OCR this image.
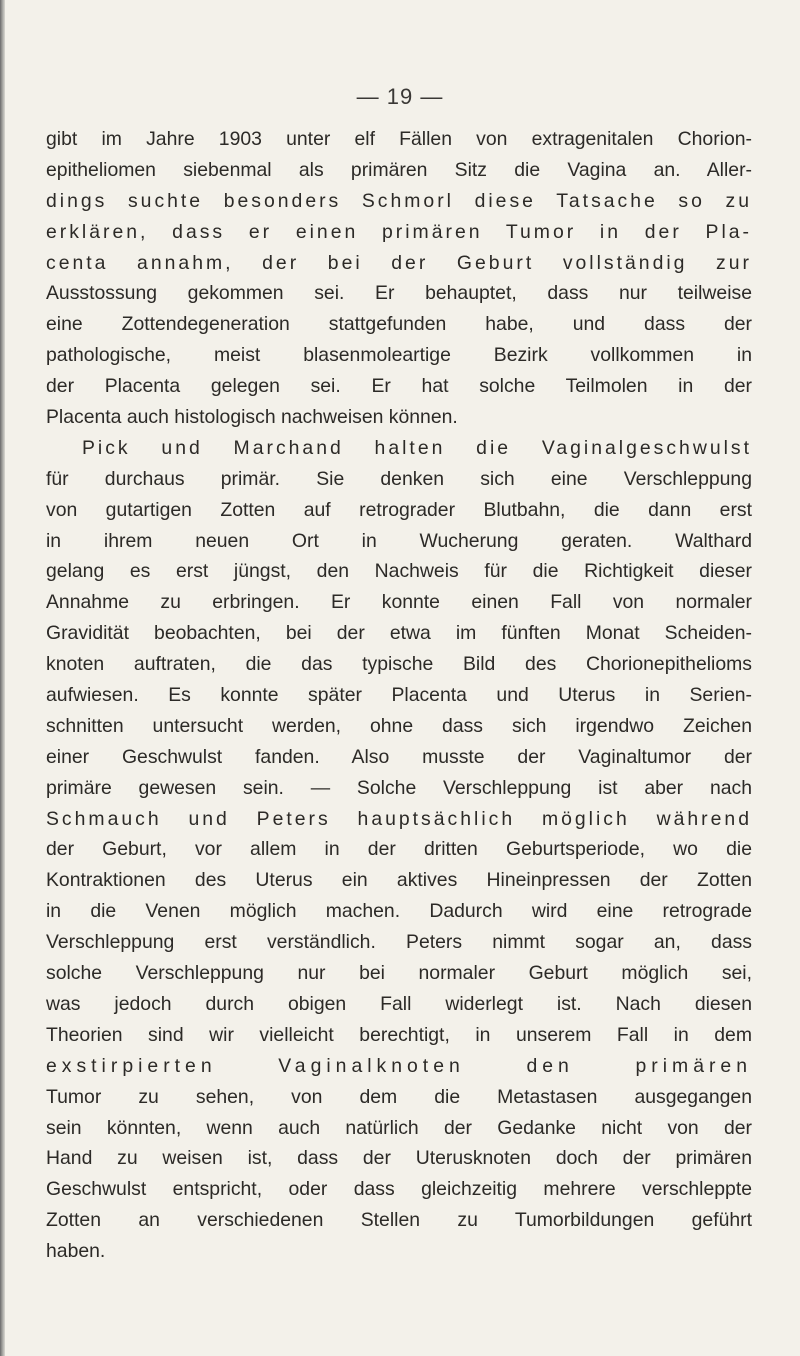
— 19 —
gibt im Jahre 1903 unter elf Fällen von extragenitalen Chorion-
epitheliomen siebenmal als primären Sitz die Vagina an. Aller-
dings suchte besonders Schmorl diese Tatsache so zu
erklären, dass er einen primären Tumor in der Pla-
centa annahm, der bei der Geburt vollständig zur
Ausstossung gekommen sei. Er behauptet, dass nur teilweise
eine Zottendegeneration stattgefunden habe, und dass der
pathologische, meist blasenmoleartige Bezirk vollkommen in
der Placenta gelegen sei. Er hat solche Teilmolen in der
Placenta auch histologisch nachweisen können.
Pick und Marchand halten die Vaginalgeschwulst
für durchaus primär. Sie denken sich eine Verschleppung
von gutartigen Zotten auf retrograder Blutbahn, die dann erst
in ihrem neuen Ort in Wucherung geraten. Walthard
gelang es erst jüngst, den Nachweis für die Richtigkeit dieser
Annahme zu erbringen. Er konnte einen Fall von normaler
Gravidität beobachten, bei der etwa im fünften Monat Scheiden-
knoten auftraten, die das typische Bild des Chorionepithelioms
aufwiesen. Es konnte später Placenta und Uterus in Serien-
schnitten untersucht werden, ohne dass sich irgendwo Zeichen
einer Geschwulst fanden. Also musste der Vaginaltumor der
primäre gewesen sein. — Solche Verschleppung ist aber nach
Schmauch und Peters hauptsächlich möglich während
der Geburt, vor allem in der dritten Geburtsperiode, wo die
Kontraktionen des Uterus ein aktives Hineinpressen der Zotten
in die Venen möglich machen. Dadurch wird eine retrograde
Verschleppung erst verständlich. Peters nimmt sogar an, dass
solche Verschleppung nur bei normaler Geburt möglich sei,
was jedoch durch obigen Fall widerlegt ist. Nach diesen
Theorien sind wir vielleicht berechtigt, in unserem Fall in dem
exstirpierten Vaginalknoten den primären
Tumor zu sehen, von dem die Metastasen ausgegangen
sein könnten, wenn auch natürlich der Gedanke nicht von der
Hand zu weisen ist, dass der Uterusknoten doch der primären
Geschwulst entspricht, oder dass gleichzeitig mehrere verschleppte
Zotten an verschiedenen Stellen zu Tumorbildungen geführt
haben.
